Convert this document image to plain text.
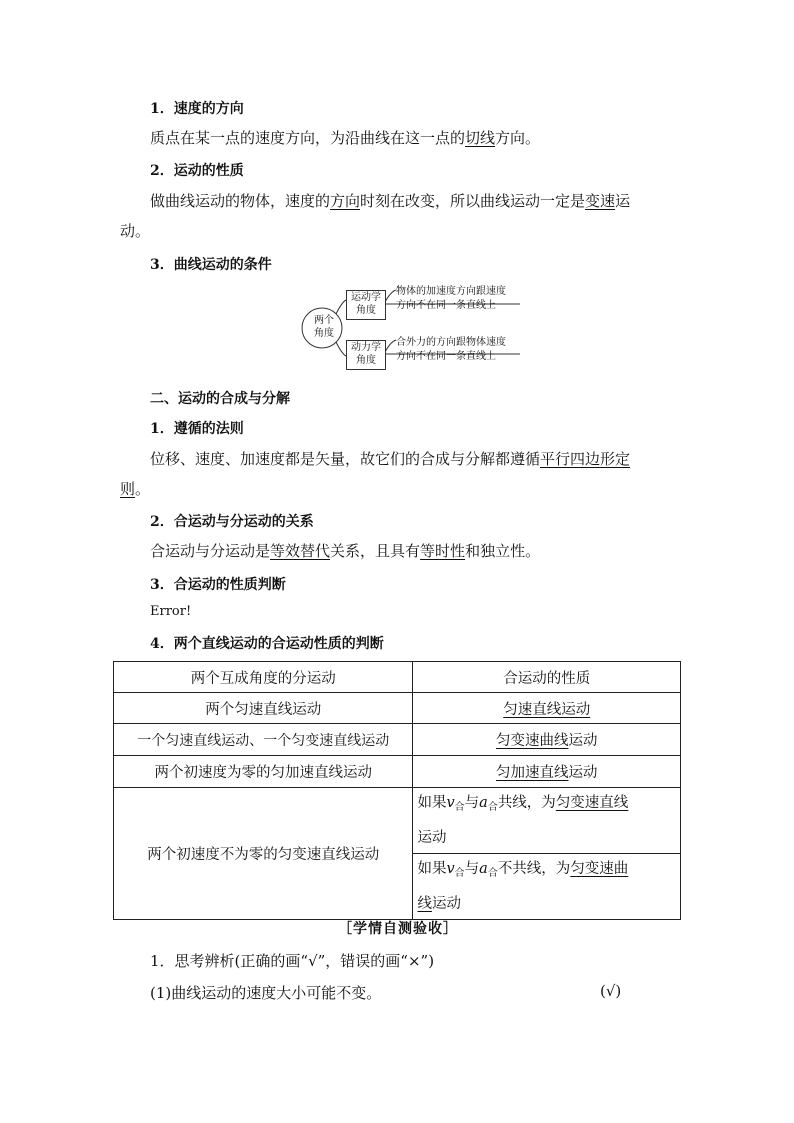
1．速度的方向
质点在某一点的速度方向，为沿曲线在这一点的切线方向。
2．运动的性质
做曲线运动的物体，速度的方向时刻在改变，所以曲线运动一定是变速运
动。
3．曲线运动的条件
两个
角度
运动学
角度
物体的加速度方向跟速度
方向不在同一条直线上
动力学
角度
合外力的方向跟物体速度
方向不在同一条直线上
二、运动的合成与分解
1．遵循的法则
位移、速度、加速度都是矢量，故它们的合成与分解都遵循平行四边形定
则。
2．合运动与分运动的关系
合运动与分运动是等效替代关系，且具有等时性和独立性。
3．合运动的性质判断
Error!
4．两个直线运动的合运动性质的判断
两个互成角度的分运动	合运动的性质
两个匀速直线运动	匀速直线运动
一个匀速直线运动、一个匀变速直线运动	匀变速曲线运动
两个初速度为零的匀加速直线运动	匀加速直线运动
两个初速度不为零的匀变速直线运动	如果$v_合$与$a_合$共线，为匀变速直线
运动
	如果$v_合$与$a_合$不共线，为匀变速曲
线运动
［学情自测验收］
1．思考辨析(正确的画“√”，错误的画“×”)
(1)曲线运动的速度大小可能不变。	(√)
